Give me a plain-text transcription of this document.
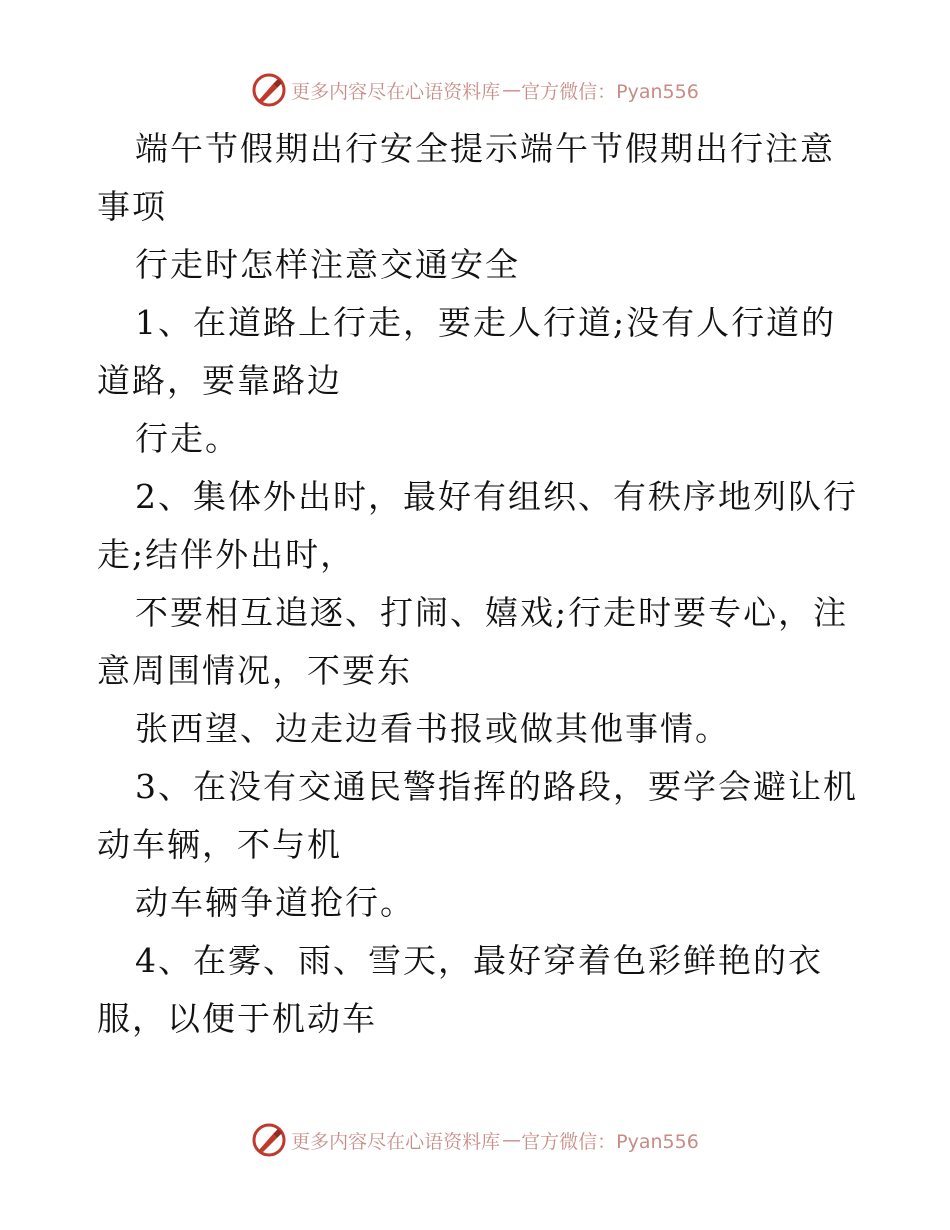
更多内容尽在心语资料库 — 官方微信：Pyan556

端午节假期出行安全提示端午节假期出行注意事项

行走时怎样注意交通安全

1、在道路上行走，要走人行道;没有人行道的道路，要靠路边

行走。

2、集体外出时，最好有组织、有秩序地列队行走;结伴外出时，

不要相互追逐、打闹、嬉戏;行走时要专心，注意周围情况，不要东

张西望、边走边看书报或做其他事情。

3、在没有交通民警指挥的路段，要学会避让机动车辆，不与机

动车辆争道抢行。

4、在雾、雨、雪天，最好穿着色彩鲜艳的衣服，以便于机动车

更多内容尽在心语资料库 — 官方微信：Pyan556
